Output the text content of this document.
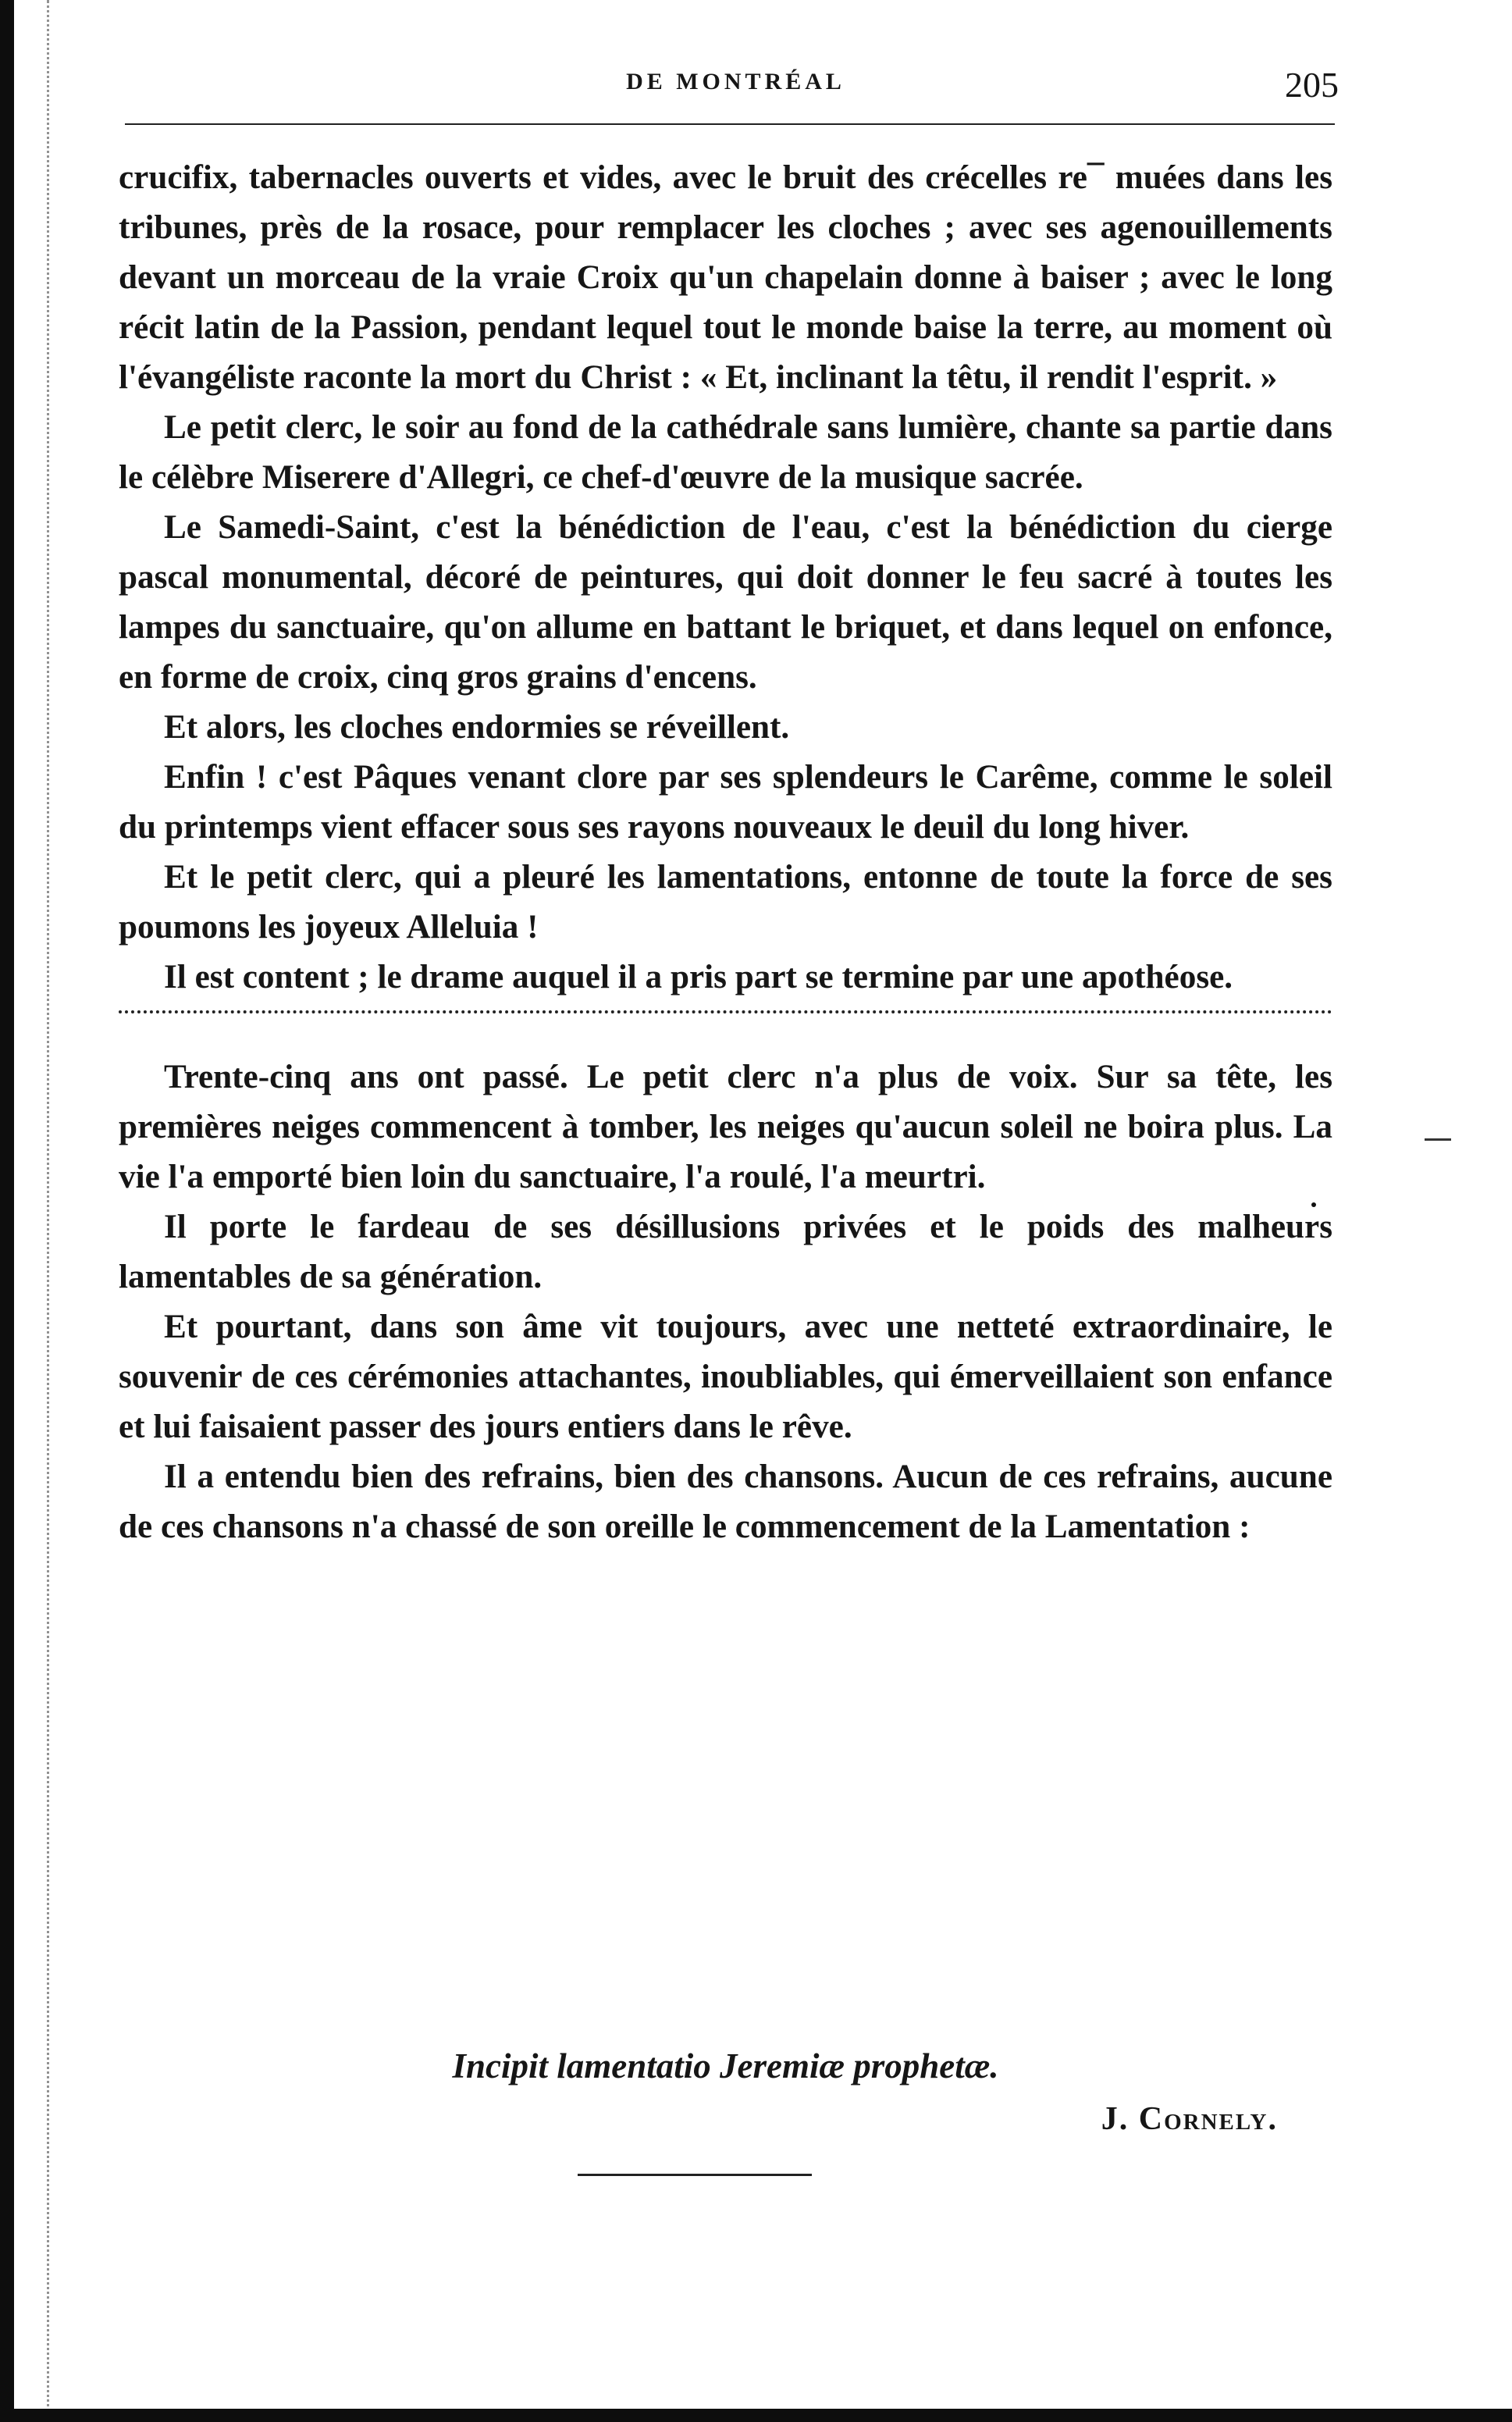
DE MONTRÉAL	205

crucifix, tabernacles ouverts et vides, avec le bruit des crécelles re¯ muées dans les tribunes, près de la rosace, pour remplacer les cloches ; avec ses agenouillements devant un morceau de la vraie Croix qu'un chapelain donne à baiser ; avec le long récit latin de la Passion, pendant lequel tout le monde baise la terre, au moment où l'évangéliste raconte la mort du Christ : « Et, inclinant la têtu, il rendit l'esprit. »

Le petit clerc, le soir au fond de la cathédrale sans lumière, chante sa partie dans le célèbre Miserere d'Allegri, ce chef-d'œuvre de la musique sacrée.

Le Samedi-Saint, c'est la bénédiction de l'eau, c'est la bénédiction du cierge pascal monumental, décoré de peintures, qui doit donner le feu sacré à toutes les lampes du sanctuaire, qu'on allume en battant le briquet, et dans lequel on enfonce, en forme de croix, cinq gros grains d'encens.

Et alors, les cloches endormies se réveillent.

Enfin ! c'est Pâques venant clore par ses splendeurs le Carême, comme le soleil du printemps vient effacer sous ses rayons nouveaux le deuil du long hiver.

Et le petit clerc, qui a pleuré les lamentations, entonne de toute la force de ses poumons les joyeux Alleluia !

Il est content ; le drame auquel il a pris part se termine par une apothéose.

Trente-cinq ans ont passé. Le petit clerc n'a plus de voix. Sur sa tête, les premières neiges commencent à tomber, les neiges qu'aucun soleil ne boira plus. La vie l'a emporté bien loin du sanctuaire, l'a roulé, l'a meurtri.

Il porte le fardeau de ses désillusions privées et le poids des malheurs lamentables de sa génération.

Et pourtant, dans son âme vit toujours, avec une netteté extraordinaire, le souvenir de ces cérémonies attachantes, inoubliables, qui émerveillaient son enfance et lui faisaient passer des jours entiers dans le rêve.

Il a entendu bien des refrains, bien des chansons. Aucun de ces refrains, aucune de ces chansons n'a chassé de son oreille le commencement de la Lamentation :

Incipit lamentatio Jeremiæ prophetæ.
J. Cornely.
